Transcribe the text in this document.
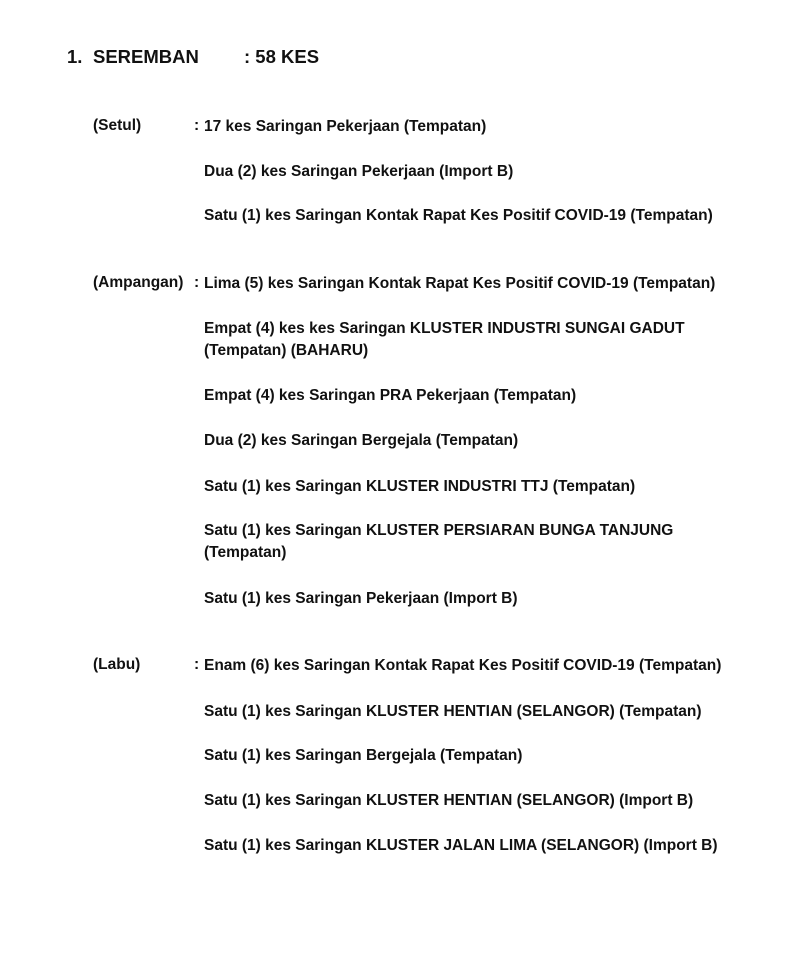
1. SEREMBAN : 58 KES
(Setul)	: 17 kes Saringan Pekerjaan (Tempatan)
Dua (2) kes Saringan Pekerjaan (Import B)
Satu (1) kes Saringan Kontak Rapat Kes Positif COVID-19 (Tempatan)
(Ampangan) : Lima (5) kes Saringan Kontak Rapat Kes Positif COVID-19 (Tempatan)
Empat (4) kes kes Saringan KLUSTER INDUSTRI SUNGAI GADUT (Tempatan) (BAHARU)
Empat (4) kes Saringan PRA Pekerjaan (Tempatan)
Dua (2) kes Saringan Bergejala (Tempatan)
Satu (1) kes Saringan KLUSTER INDUSTRI TTJ (Tempatan)
Satu (1) kes Saringan KLUSTER PERSIARAN BUNGA TANJUNG (Tempatan)
Satu (1) kes Saringan Pekerjaan (Import B)
(Labu)	: Enam (6) kes Saringan Kontak Rapat Kes Positif COVID-19 (Tempatan)
Satu (1) kes Saringan KLUSTER HENTIAN (SELANGOR) (Tempatan)
Satu (1) kes Saringan Bergejala (Tempatan)
Satu (1) kes Saringan KLUSTER HENTIAN (SELANGOR) (Import B)
Satu (1) kes Saringan KLUSTER JALAN LIMA (SELANGOR) (Import B)
